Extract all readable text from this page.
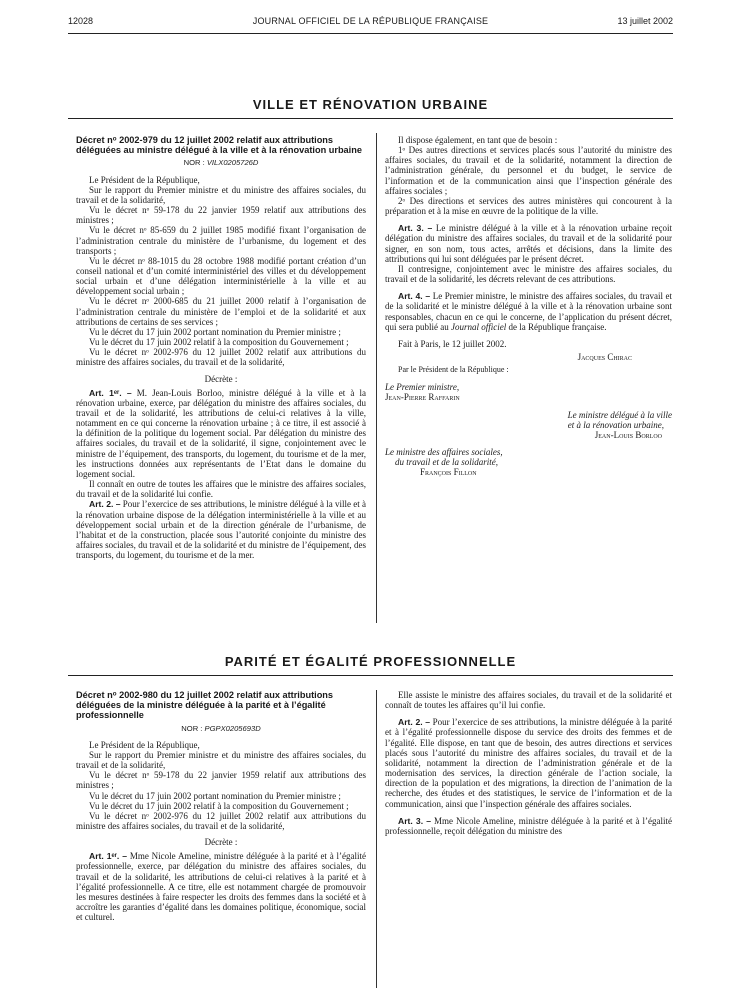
12028	JOURNAL OFFICIEL DE LA RÉPUBLIQUE FRANÇAISE	13 juillet 2002
VILLE ET RÉNOVATION URBAINE

Décret nᵒ 2002-979 du 12 juillet 2002 relatif aux attributions déléguées au ministre délégué à la ville et à la rénovation urbaine

NOR : VILX0205726D

Le Président de la République,

Sur le rapport du Premier ministre et du ministre des affaires sociales, du travail et de la solidarité,

Vu le décret nᵒ 59-178 du 22 janvier 1959 relatif aux attributions des ministres ;

Vu le décret nᵒ 85-659 du 2 juillet 1985 modifié fixant l’organisation de l’administration centrale du ministère de l’urbanisme, du logement et des transports ;

Vu le décret nᵒ 88-1015 du 28 octobre 1988 modifié portant création d’un conseil national et d’un comité interministériel des villes et du développement social urbain et d’une délégation interministérielle à la ville et au développement social urbain ;

Vu le décret nᵒ 2000-685 du 21 juillet 2000 relatif à l’organisation de l’administration centrale du ministère de l’emploi et de la solidarité et aux attributions de certains de ses services ;

Vu le décret du 17 juin 2002 portant nomination du Premier ministre ;

Vu le décret du 17 juin 2002 relatif à la composition du Gouvernement ;

Vu le décret nᵒ 2002-976 du 12 juillet 2002 relatif aux attributions du ministre des affaires sociales, du travail et de la solidarité,

Décrète :

Art. 1ᵉʳ. – M. Jean-Louis Borloo, ministre délégué à la ville et à la rénovation urbaine, exerce, par délégation du ministre des affaires sociales, du travail et de la solidarité, les attributions de celui-ci relatives à la ville, notamment en ce qui concerne la rénovation urbaine ; à ce titre, il est associé à la définition de la politique du logement social. Par délégation du ministre des affaires sociales, du travail et de la solidarité, il signe, conjointement avec le ministre de l’équipement, des transports, du logement, du tourisme et de la mer, les instructions données aux représentants de l’Etat dans le domaine du logement social.

Il connaît en outre de toutes les affaires que le ministre des affaires sociales, du travail et de la solidarité lui confie.

Art. 2. – Pour l’exercice de ses attributions, le ministre délégué à la ville et à la rénovation urbaine dispose de la délégation interministérielle à la ville et au développement social urbain et de la direction générale de l’urbanisme, de l’habitat et de la construction, placée sous l’autorité conjointe du ministre des affaires sociales, du travail et de la solidarité et du ministre de l’équipement, des transports, du logement, du tourisme et de la mer.

Il dispose également, en tant que de besoin :

1ᵒ Des autres directions et services placés sous l’autorité du ministre des affaires sociales, du travail et de la solidarité, notamment la direction de l’administration générale, du personnel et du budget, le service de l’information et de la communication ainsi que l’inspection générale des affaires sociales ;

2ᵒ Des directions et services des autres ministères qui concourent à la préparation et à la mise en œuvre de la politique de la ville.

Art. 3. – Le ministre délégué à la ville et à la rénovation urbaine reçoit délégation du ministre des affaires sociales, du travail et de la solidarité pour signer, en son nom, tous actes, arrêtés et décisions, dans la limite des attributions qui lui sont déléguées par le présent décret.

Il contresigne, conjointement avec le ministre des affaires sociales, du travail et de la solidarité, les décrets relevant de ces attributions.

Art. 4. – Le Premier ministre, le ministre des affaires sociales, du travail et de la solidarité et le ministre délégué à la ville et à la rénovation urbaine sont responsables, chacun en ce qui le concerne, de l’application du présent décret, qui sera publié au Journal officiel de la République française.

Fait à Paris, le 12 juillet 2002.

Jacques Chirac

Par le Président de la République :

Le Premier ministre,

Jean-Pierre Raffarin

Le ministre délégué à la ville

et à la rénovation urbaine,

Jean-Louis Borloo

Le ministre des affaires sociales,

du travail et de la solidarité,

François Fillon

PARITÉ ET ÉGALITÉ PROFESSIONNELLE

Décret nᵒ 2002-980 du 12 juillet 2002 relatif aux attributions déléguées de la ministre déléguée à la parité et à l’égalité professionnelle

NOR : PGPX0205693D

Le Président de la République,

Sur le rapport du Premier ministre et du ministre des affaires sociales, du travail et de la solidarité,

Vu le décret nᵒ 59-178 du 22 janvier 1959 relatif aux attributions des ministres ;

Vu le décret du 17 juin 2002 portant nomination du Premier ministre ;

Vu le décret du 17 juin 2002 relatif à la composition du Gouvernement ;

Vu le décret nᵒ 2002-976 du 12 juillet 2002 relatif aux attributions du ministre des affaires sociales, du travail et de la solidarité,

Décrète :

Art. 1ᵉʳ. – Mme Nicole Ameline, ministre déléguée à la parité et à l’égalité professionnelle, exerce, par délégation du ministre des affaires sociales, du travail et de la solidarité, les attributions de celui-ci relatives à la parité et à l’égalité professionnelle. A ce titre, elle est notamment chargée de promouvoir les mesures destinées à faire respecter les droits des femmes dans la société et à accroître les garanties d’égalité dans les domaines politique, économique, social et culturel.

Elle assiste le ministre des affaires sociales, du travail et de la solidarité et connaît de toutes les affaires qu’il lui confie.

Art. 2. – Pour l’exercice de ses attributions, la ministre déléguée à la parité et à l’égalité professionnelle dispose du service des droits des femmes et de l’égalité. Elle dispose, en tant que de besoin, des autres directions et services placés sous l’autorité du ministre des affaires sociales, du travail et de la solidarité, notamment la direction de l’administration générale et de la modernisation des services, la direction générale de l’action sociale, la direction de la population et des migrations, la direction de l’animation de la recherche, des études et des statistiques, le service de l’information et de la communication, ainsi que l’inspection générale des affaires sociales.

Art. 3. – Mme Nicole Ameline, ministre déléguée à la parité et à l’égalité professionnelle, reçoit délégation du ministre des
